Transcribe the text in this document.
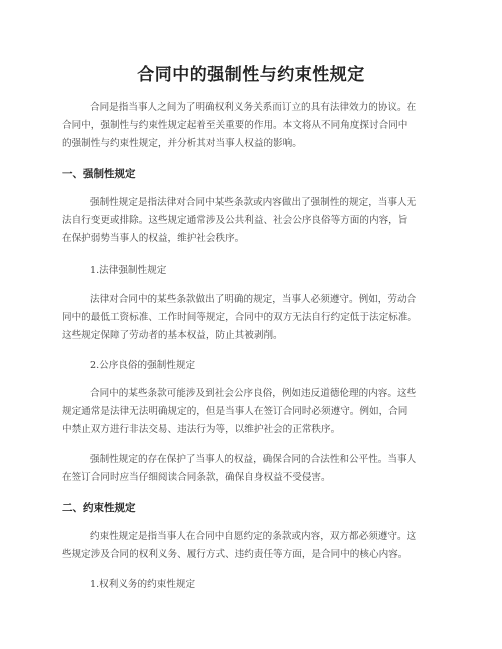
合同中的强制性与约束性规定
合同是指当事人之间为了明确权利义务关系而订立的具有法律效力的协议。在
合同中，强制性与约束性规定起着至关重要的作用。本文将从不同角度探讨合同中
的强制性与约束性规定，并分析其对当事人权益的影响。
一、强制性规定
强制性规定是指法律对合同中某些条款或内容做出了强制性的规定，当事人无
法自行变更或排除。这些规定通常涉及公共利益、社会公序良俗等方面的内容，旨
在保护弱势当事人的权益，维护社会秩序。
1.法律强制性规定
法律对合同中的某些条款做出了明确的规定，当事人必须遵守。例如，劳动合
同中的最低工资标准、工作时间等规定，合同中的双方无法自行约定低于法定标准。
这些规定保障了劳动者的基本权益，防止其被剥削。
2.公序良俗的强制性规定
合同中的某些条款可能涉及到社会公序良俗，例如违反道德伦理的内容。这些
规定通常是法律无法明确规定的，但是当事人在签订合同时必须遵守。例如，合同
中禁止双方进行非法交易、违法行为等，以维护社会的正常秩序。
强制性规定的存在保护了当事人的权益，确保合同的合法性和公平性。当事人
在签订合同时应当仔细阅读合同条款，确保自身权益不受侵害。
二、约束性规定
约束性规定是指当事人在合同中自愿约定的条款或内容，双方都必须遵守。这
些规定涉及合同的权利义务、履行方式、违约责任等方面，是合同中的核心内容。
1.权利义务的约束性规定
